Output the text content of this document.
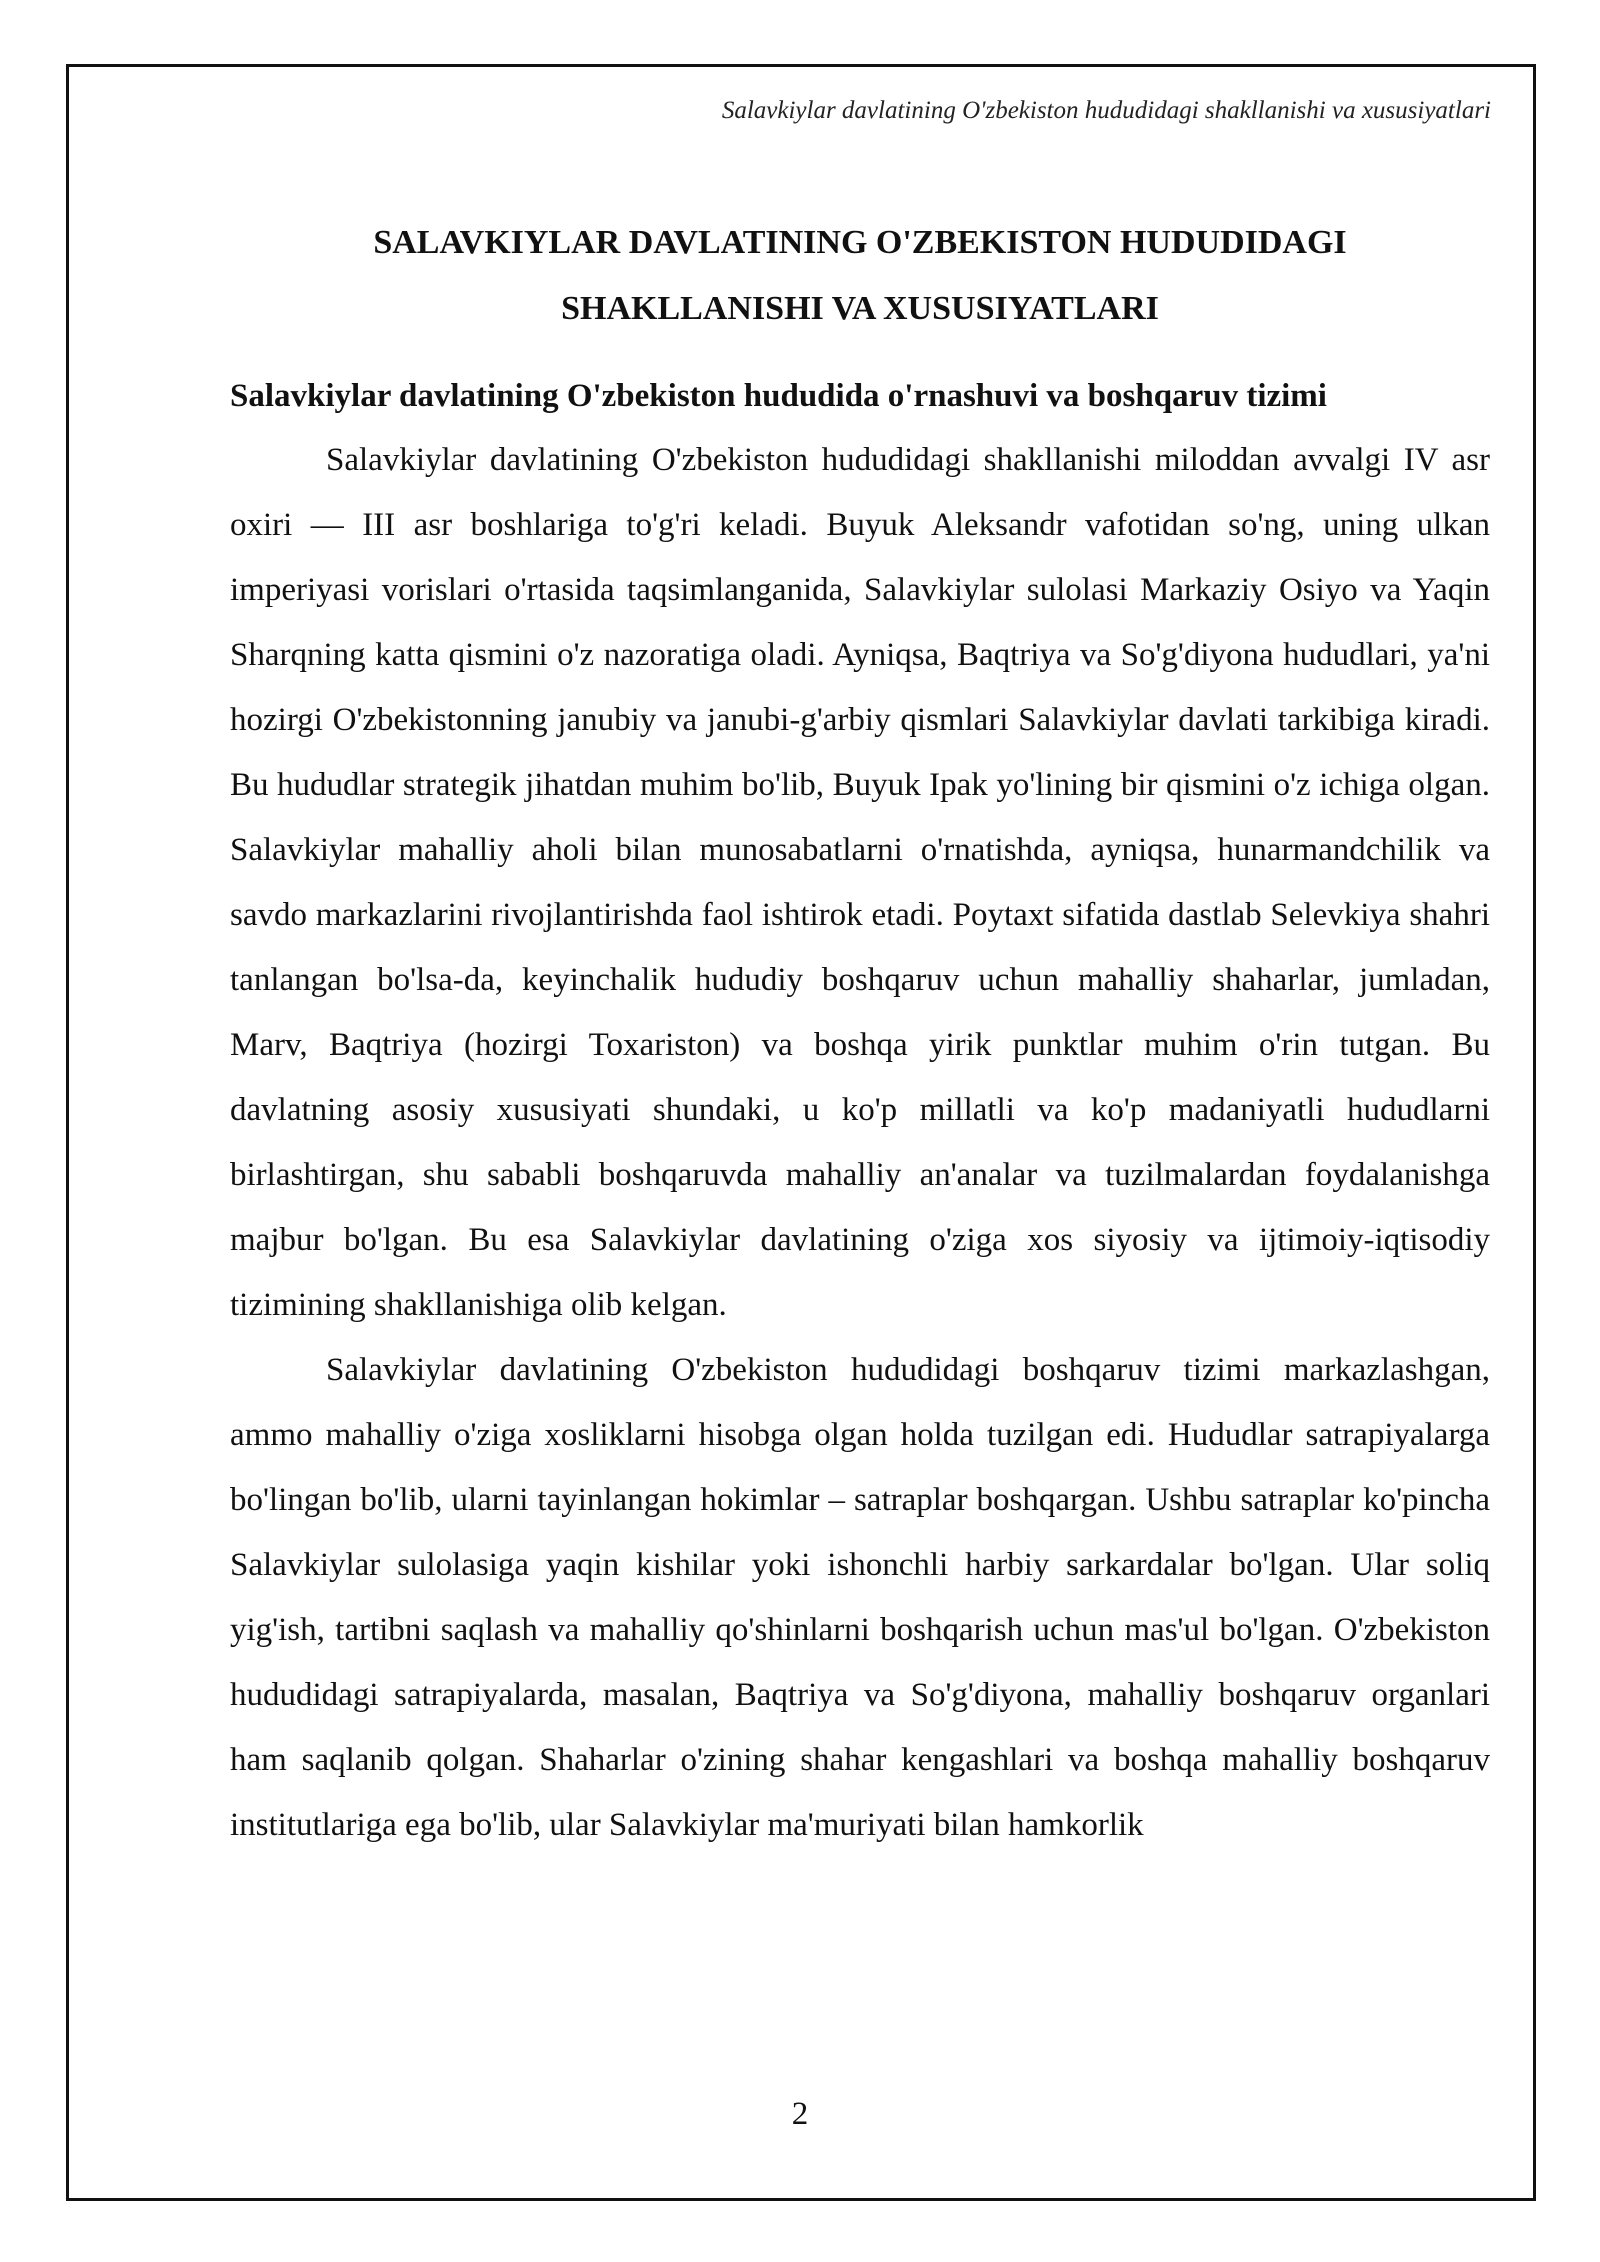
Salavkiylar davlatining O'zbekiston hududidagi shakllanishi va xususiyatlari
SALAVKIYLAR DAVLATINING O'ZBEKISTON HUDUDIDAGI
SHAKLLANISHI VA XUSUSIYATLARI
Salavkiylar davlatining O'zbekiston hududida o'rnashuvi va boshqaruv tizimi

Salavkiylar davlatining O'zbekiston hududidagi shakllanishi miloddan avvalgi IV asr oxiri — III asr boshlariga to'g'ri keladi. Buyuk Aleksandr vafotidan so'ng, uning ulkan imperiyasi vorislari o'rtasida taqsimlanganida, Salavkiylar sulolasi Markaziy Osiyo va Yaqin Sharqning katta qismini o'z nazoratiga oladi. Ayniqsa, Baqtriya va So'g'diyona hududlari, ya'ni hozirgi O'zbekistonning janubiy va janubi-g'arbiy qismlari Salavkiylar davlati tarkibiga kiradi. Bu hududlar strategik jihatdan muhim bo'lib, Buyuk Ipak yo'lining bir qismini o'z ichiga olgan. Salavkiylar mahalliy aholi bilan munosabatlarni o'rnatishda, ayniqsa, hunarmandchilik va savdo markazlarini rivojlantirishda faol ishtirok etadi. Poytaxt sifatida dastlab Selevkiya shahri tanlangan bo'lsa-da, keyinchalik hududiy boshqaruv uchun mahalliy shaharlar, jumladan, Marv, Baqtriya (hozirgi Toxariston) va boshqa yirik punktlar muhim o'rin tutgan. Bu davlatning asosiy xususiyati shundaki, u ko'p millatli va ko'p madaniyatli hududlarni birlashtirgan, shu sababli boshqaruvda mahalliy an'analar va tuzilmalardan foydalanishga majbur bo'lgan. Bu esa Salavkiylar davlatining o'ziga xos siyosiy va ijtimoiy-iqtisodiy tizimining shakllanishiga olib kelgan.

Salavkiylar davlatining O'zbekiston hududidagi boshqaruv tizimi markazlashgan, ammo mahalliy o'ziga xosliklarni hisobga olgan holda tuzilgan edi. Hududlar satrapiyalarga bo'lingan bo'lib, ularni tayinlangan hokimlar – satraplar boshqargan. Ushbu satraplar ko'pincha Salavkiylar sulolasiga yaqin kishilar yoki ishonchli harbiy sarkardalar bo'lgan. Ular soliq yig'ish, tartibni saqlash va mahalliy qo'shinlarni boshqarish uchun mas'ul bo'lgan. O'zbekiston hududidagi satrapiyalarda, masalan, Baqtriya va So'g'diyona, mahalliy boshqaruv organlari ham saqlanib qolgan. Shaharlar o'zining shahar kengashlari va boshqa mahalliy boshqaruv institutlariga ega bo'lib, ular Salavkiylar ma'muriyati bilan hamkorlik

2
